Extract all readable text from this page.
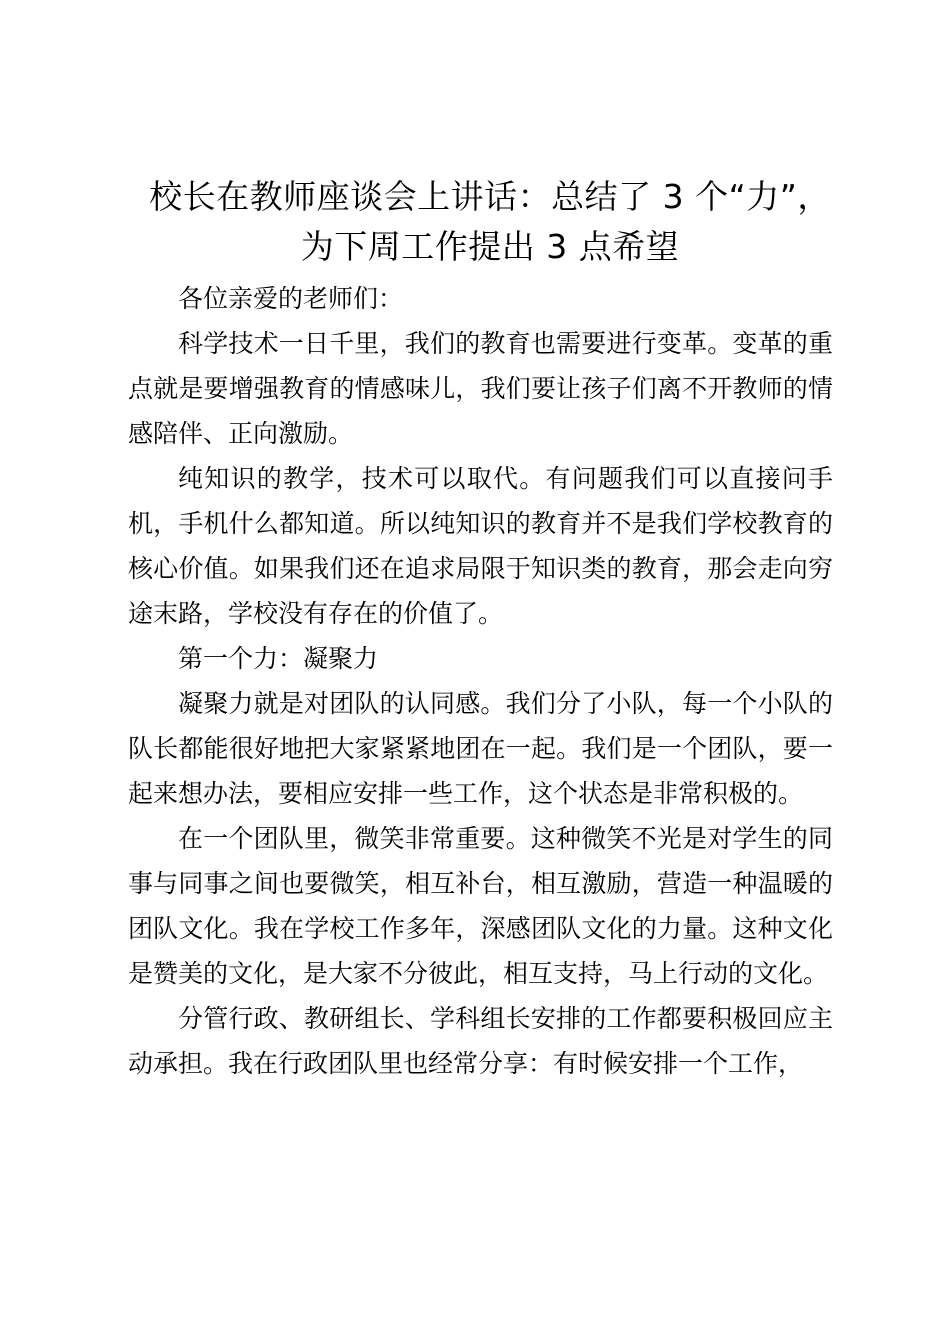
校长在教师座谈会上讲话：总结了 3 个“力”，
为下周工作提出 3 点希望

各位亲爱的老师们：

科学技术一日千里，我们的教育也需要进行变革。变革的重点就是要增强教育的情感味儿，我们要让孩子们离不开教师的情感陪伴、正向激励。

纯知识的教学，技术可以取代。有问题我们可以直接问手机，手机什么都知道。所以纯知识的教育并不是我们学校教育的核心价值。如果我们还在追求局限于知识类的教育，那会走向穷途末路，学校没有存在的价值了。

第一个力：凝聚力

凝聚力就是对团队的认同感。我们分了小队，每一个小队的队长都能很好地把大家紧紧地团在一起。我们是一个团队，要一起来想办法，要相应安排一些工作，这个状态是非常积极的。

在一个团队里，微笑非常重要。这种微笑不光是对学生的同事与同事之间也要微笑，相互补台，相互激励，营造一种温暖的团队文化。我在学校工作多年，深感团队文化的力量。这种文化是赞美的文化，是大家不分彼此，相互支持，马上行动的文化。

分管行政、教研组长、学科组长安排的工作都要积极回应主动承担。我在行政团队里也经常分享：有时候安排一个工作，
